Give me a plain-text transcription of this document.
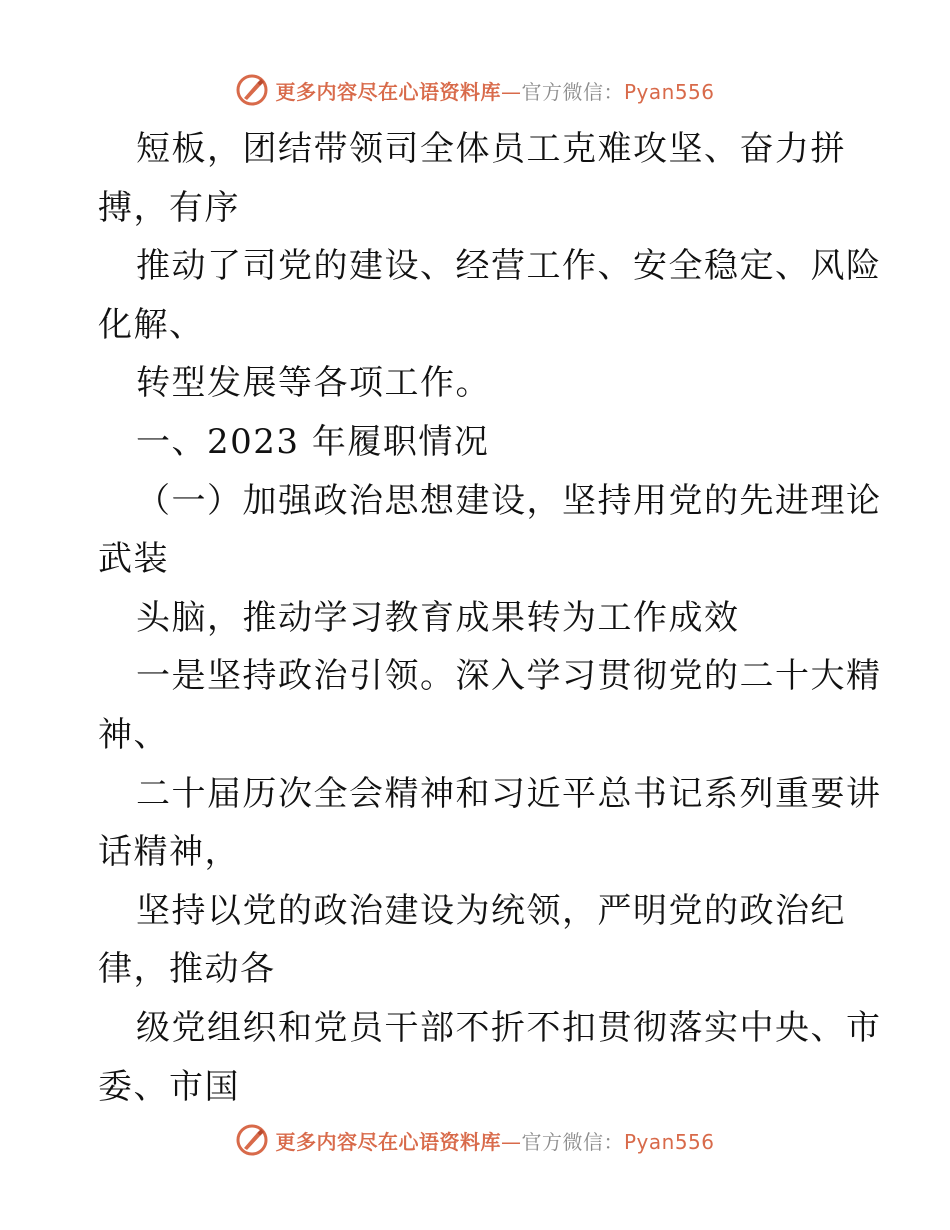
更多内容尽在心语资料库—官方微信：Pyan556
短板，团结带领司全体员工克难攻坚、奋力拼
搏，有序
推动了司党的建设、经营工作、安全稳定、风险
化解、
转型发展等各项工作。
一、2023 年履职情况
（一）加强政治思想建设，坚持用党的先进理论
武装
头脑，推动学习教育成果转为工作成效
一是坚持政治引领。深入学习贯彻党的二十大精
神、
二十届历次全会精神和习近平总书记系列重要讲
话精神，
坚持以党的政治建设为统领，严明党的政治纪
律，推动各
级党组织和党员干部不折不扣贯彻落实中央、市
委、市国
更多内容尽在心语资料库—官方微信：Pyan556
